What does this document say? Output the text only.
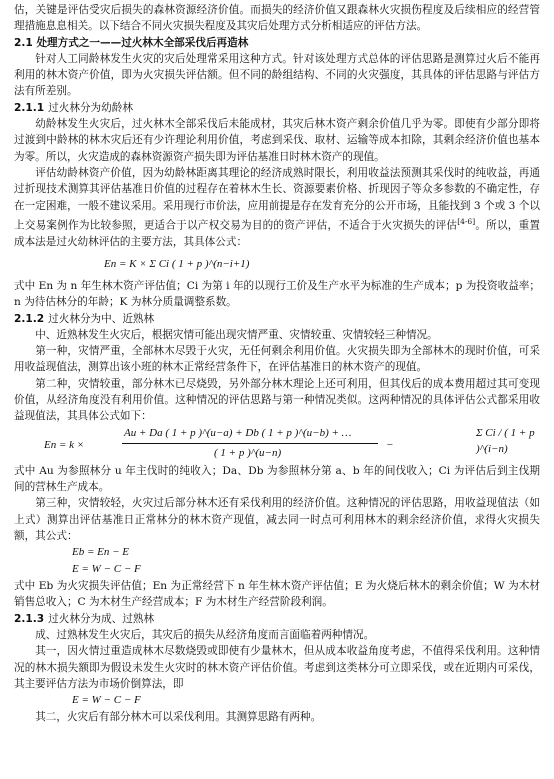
估，关键是评估受灾后损失的森林资源经济价值。而损失的经济价值又跟森林火灾损伤程度及后续相应的经营管理措施息息相关。以下结合不同火灾损失程度及其灾后处理方式分析相适应的评估方法。

2.1 处理方式之一——过火林木全部采伐后再造林

针对人工同龄林发生火灾的灾后处理常采用这种方式。针对该处理方式总体的评估思路是测算过火后不能再利用的林木资产价值，即为火灾损失评估额。但不同的龄组结构、不同的火灾强度，其具体的评估思路与评估方法有所差别。

2.1.1 过火林分为幼龄林

幼龄林发生火灾后，过火林木全部采伐后未能成材，其灾后林木资产剩余价值几乎为零。即使有少部分即将过渡到中龄林的林木灾后还有少许理论利用价值，考虑到采伐、取材、运输等成本扣除，其剩余经济价值也基本为零。所以，火灾造成的森林资源资产损失即为评估基准日时林木资产的现值。

评估幼龄林资产价值，因为幼龄林距离其理论的经济成熟时限长，利用收益法预测其采伐时的纯收益，再通过折现技术测算其评估基准日价值的过程存在着林木生长、资源要素价格、折现因子等众多参数的不确定性，存在一定困难，一般不建议采用。采用现行市价法，应用前提是存在发育充分的公开市场，且能找到 3 个或 3 个以上交易案例作为比较参照，更适合于以产权交易为目的的资产评估，不适合于火灾损失的评估[4-6]。所以，重置成本法是过火幼林评估的主要方法，其具体公式：

En = K × Σ Ci ( 1 + p )^(n−i+1)

式中 En 为 n 年生林木资产评估值；Ci 为第 i 年的以现行工价及生产水平为标准的生产成本；p 为投资收益率；n 为待估林分的年龄；K 为林分质量调整系数。

2.1.2 过火林分为中、近熟林

中、近熟林发生火灾后，根据灾情可能出现灾情严重、灾情较重、灾情较轻三种情况。

第一种，灾情严重，全部林木尽毁于火灾，无任何剩余利用价值。火灾损失即为全部林木的现时价值，可采用收益现值法，测算出该小班的林木正常经营条件下，在评估基准日的林木资产的现值。

第二种，灾情较重，部分林木已尽烧毁，另外部分林木理论上还可利用，但其伐后的成本费用超过其可变现价值，从经济角度没有利用价值。这种情况的评估思路与第一种情况类似。这两种情况的具体评估公式都采用收益现值法，其具体公式如下：

En = k ×
Au + Da ( 1 + p )^(u−a) + Db ( 1 + p )^(u−b) + …
( 1 + p )^(u−n)
−
Σ Ci / ( 1 + p )^(i−n)

式中 Au 为参照林分 u 年主伐时的纯收入；Da、Db 为参照林分第 a、b 年的间伐收入；Ci 为评估后到主伐期间的营林生产成本。

第三种，灾情较轻，火灾过后部分林木还有采伐利用的经济价值。这种情况的评估思路，用收益现值法（如上式）测算出评估基准日正常林分的林木资产现值，减去同一时点可利用林木的剩余经济价值，求得火灾损失额，其公式：

Eb = En − E
E = W − C − F

式中 Eb 为火灾损失评估值；En 为正常经营下 n 年生林木资产评估值；E 为火烧后林木的剩余价值；W 为木材销售总收入；C 为木材生产经营成本；F 为木材生产经营阶段利润。

2.1.3 过火林分为成、过熟林

成、过熟林发生火灾后，其灾后的损失从经济角度而言面临着两种情况。

其一，因火情过重造成林木尽数烧毁或即使有少量林木，但从成本收益角度考虑，不值得采伐利用。这种情况的林木损失额即为假设未发生火灾时的林木资产评估价值。考虑到这类林分可立即采伐，或在近期内可采伐，其主要评估方法为市场价倒算法，即

E = W − C − F

其二，火灾后有部分林木可以采伐利用。其测算思路有两种。
